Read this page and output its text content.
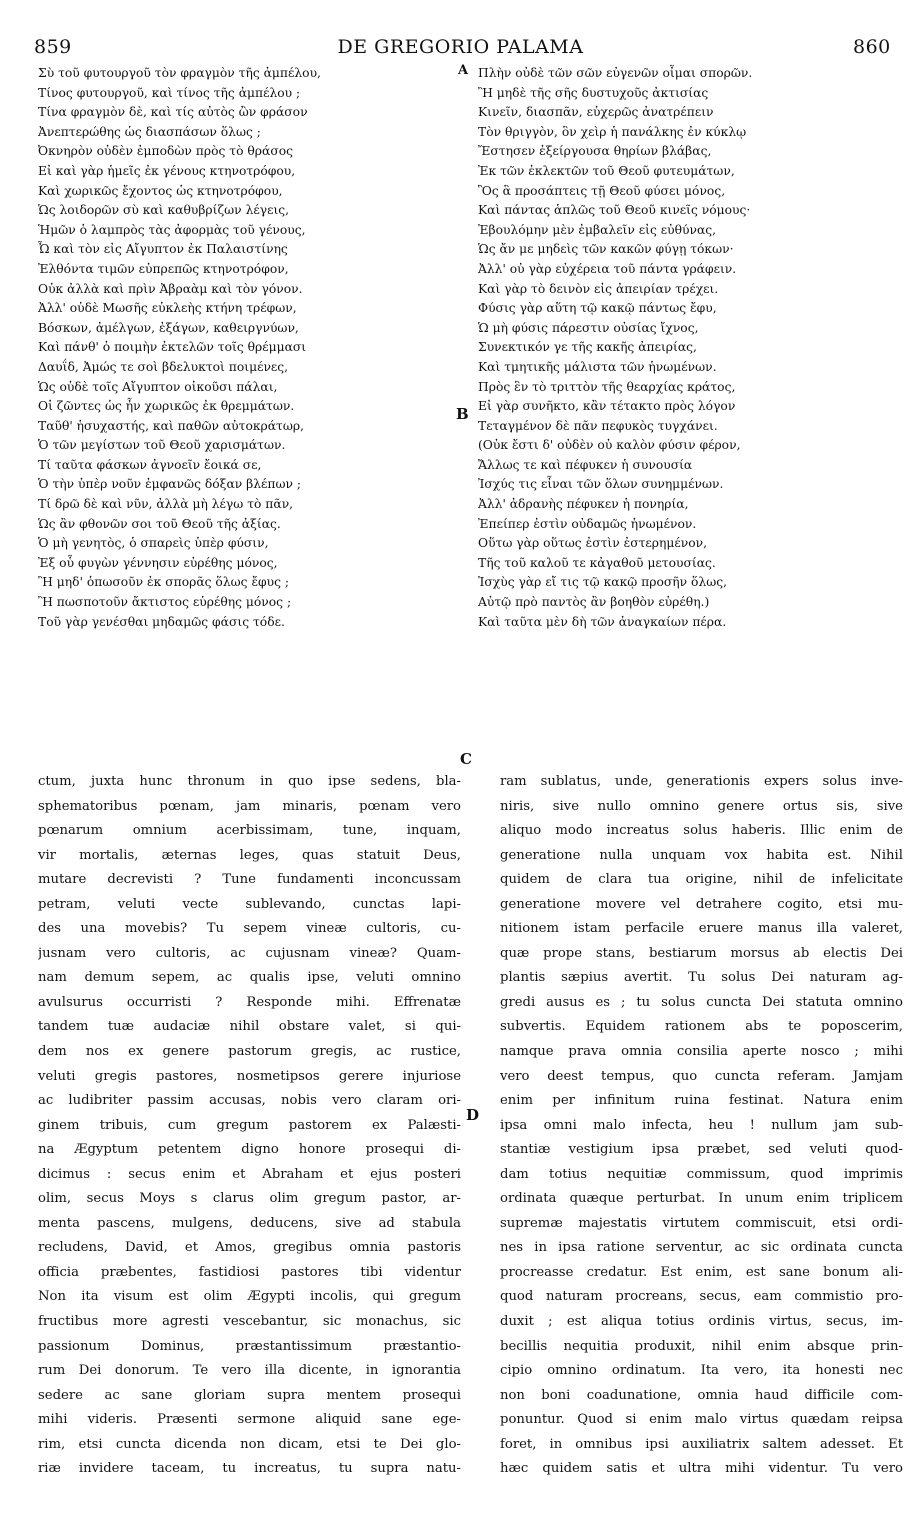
859	DE GREGORIO PALAMA	860
Σὺ τοῦ φυτουργοῦ τὸν φραγμὸν τῆς ἀμπέλου,
Τίνος φυτουργοῦ, καὶ τίνος τῆς ἀμπέλου ;
Τίνα φραγμὸν δὲ, καὶ τίς αὐτὸς ὢν φράσον
Ἀνεπτερώθης ὡς διασπάσων ὅλως ;
Ὀκνηρὸν οὐδὲν ἐμποδὼν πρὸς τὸ θράσος
Εἰ καὶ γὰρ ἡμεῖς ἐκ γένους κτηνοτρόφου,
Καὶ χωρικῶς ἔχοντος ὡς κτηνοτρόφου,
Ὡς λοιδορῶν σὺ καὶ καθυβρίζων λέγεις,
Ἡμῶν ὁ λαμπρὸς τὰς ἀφορμὰς τοῦ γένους,
Ὦ καὶ τὸν εἰς Αἴγυπτον ἐκ Παλαιστίνης
Ἐλθόντα τιμῶν εὐπρεπῶς κτηνοτρόφον,
Οὐκ ἀλλὰ καὶ πρὶν Ἀβραὰμ καὶ τὸν γόνον.
Ἀλλ' οὐδὲ Μωσῆς εὐκλεὴς κτήνη τρέφων,
Βόσκων, ἀμέλγων, ἐξάγων, καθειργνύων,
Καὶ πάνθ' ὁ ποιμὴν ἐκτελῶν τοῖς θρέμμασι
Δαυΐδ, Ἀμώς τε σοὶ βδελυκτοὶ ποιμένες,
Ὡς οὐδὲ τοῖς Αἴγυπτον οἰκοῦσι πάλαι,
Οἱ ζῶντες ὡς ἦν χωρικῶς ἐκ θρεμμάτων.
Ταῦθ' ἡσυχαστής, καὶ παθῶν αὐτοκράτωρ,
Ὁ τῶν μεγίστων τοῦ Θεοῦ χαρισμάτων.
Τί ταῦτα φάσκων ἀγνοεῖν ἔοικά σε,
Ὁ τὴν ὑπὲρ νοῦν ἐμφανῶς δόξαν βλέπων ;
Τί δρῶ δὲ καὶ νῦν, ἀλλὰ μὴ λέγω τὸ πᾶν,
Ὡς ἂν φθονῶν σοι τοῦ Θεοῦ τῆς ἀξίας.
Ὁ μὴ γενητὸς, ὁ σπαρεὶς ὑπὲρ φύσιν,
Ἐξ οὗ φυγὼν γέννησιν εὑρέθης μόνος,
Ἢ μηδ' ὁπωσοῦν ἐκ σπορᾶς ὅλως ἔφυς ;
Ἢ πωσποτοῦν ἄκτιστος εὑρέθης μόνος ;
Τοῦ γὰρ γενέσθαι μηδαμῶς φάσις τόδε.
Πλὴν οὐδὲ τῶν σῶν εὐγενῶν οἶμαι σπορῶν.
Ἢ μηδὲ τῆς σῆς δυστυχοῦς ἀκτισίας
Κινεῖν, διασπᾶν, εὐχερῶς ἀνατρέπειν
Τὸν θριγγὸν, ὃν χεὶρ ἡ πανάλκης ἐν κύκλῳ
Ἔστησεν ἐξείργουσα θηρίων βλάβας,
Ἐκ τῶν ἐκλεκτῶν τοῦ Θεοῦ φυτευμάτων,
Ὃς ἃ προσάπτεις τῇ Θεοῦ φύσει μόνος,
Καὶ πάντας ἁπλῶς τοῦ Θεοῦ κινεῖς νόμους·
Ἐβουλόμην μὲν ἐμβαλεῖν εἰς εὐθύνας,
Ὡς ἄν με μηδεὶς τῶν κακῶν φύγῃ τόκων·
Ἀλλ' οὐ γὰρ εὐχέρεια τοῦ πάντα γράφειν.
Καὶ γὰρ τὸ δεινὸν εἰς ἀπειρίαν τρέχει.
Φύσις γὰρ αὕτη τῷ κακῷ πάντως ἔφυ,
Ὡ μὴ φύσις πάρεστιν οὐσίας ἴχνος,
Συνεκτικόν γε τῆς κακῆς ἀπειρίας,
Καὶ τμητικῆς μάλιστα τῶν ἡνωμένων.
Πρὸς ἓν τὸ τριττὸν τῆς θεαρχίας κράτος,
Εἰ γὰρ συνῆκτο, κἂν τέτακτο πρὸς λόγον
Τεταγμένον δὲ πᾶν πεφυκὸς τυγχάνει.
(Οὐκ ἔστι δ' οὐδὲν οὐ καλὸν φύσιν φέρον,
Ἄλλως τε καὶ πέφυκεν ἡ συνουσία
Ἰσχύς τις εἶναι τῶν ὅλων συνημμένων.
Ἀλλ' ἀδρανὴς πέφυκεν ἡ πονηρία,
Ἐπείπερ ἐστὶν οὐδαμῶς ἡνωμένον.
Οὕτω γὰρ οὕτως ἐστὶν ἐστερημένον,
Τῆς τοῦ καλοῦ τε κἀγαθοῦ μετουσίας.
Ἰσχὺς γὰρ εἴ τις τῷ κακῷ προσῆν ὅλως,
Αὐτῷ πρὸ παντὸς ἂν βοηθὸν εὑρέθη.)
Καὶ ταῦτα μὲν δὴ τῶν ἀναγκαίων πέρα.
A
B
C
D
ctum, juxta hunc thronum in quo ipse sedens, bla-
sphematoribus pœnam, jam minaris, pœnam vero
pœnarum omnium acerbissimam, tune, inquam,
vir mortalis, æternas leges, quas statuit Deus,
mutare decrevisti ? Tune fundamenti inconcussam
petram, veluti vecte sublevando, cunctas lapi-
des una movebis? Tu sepem vineæ cultoris, cu-
jusnam vero cultoris, ac cujusnam vineæ? Quam-
nam demum sepem, ac qualis ipse, veluti omnino
avulsurus occurristi ? Responde mihi. Effrenatæ
tandem tuæ audaciæ nihil obstare valet, si qui-
dem nos ex genere pastorum gregis, ac rustice,
veluti gregis pastores, nosmetipsos gerere injuriose
ac ludibriter passim accusas, nobis vero claram ori-
ginem tribuis, cum gregum pastorem ex Palæsti-
na Ægyptum petentem digno honore prosequi di-
dicimus : secus enim et Abraham et ejus posteri
olim, secus Moys s clarus olim gregum pastor, ar-
menta pascens, mulgens, deducens, sive ad stabula
recludens, David, et Amos, gregibus omnia pastoris
officia præbentes, fastidiosi pastores tibi videntur
Non ita visum est olim Ægypti incolis, qui gregum
fructibus more agresti vescebantur, sic monachus, sic
passionum Dominus, præstantissimum præstantio-
rum Dei donorum. Te vero illa dicente, in ignorantia
sedere ac sane gloriam supra mentem prosequi
mihi videris. Præsenti sermone aliquid sane ege-
rim, etsi cuncta dicenda non dicam, etsi te Dei glo-
riæ invidere taceam, tu increatus, tu supra natu-
ram sublatus, unde, generationis expers solus inve-
niris, sive nullo omnino genere ortus sis, sive
aliquo modo increatus solus haberis. Illic enim de
generatione nulla unquam vox habita est. Nihil
quidem de clara tua origine, nihil de infelicitate
generatione movere vel detrahere cogito, etsi mu-
nitionem istam perfacile eruere manus illa valeret,
quæ prope stans, bestiarum morsus ab electis Dei
plantis sæpius avertit. Tu solus Dei naturam ag-
gredi ausus es ; tu solus cuncta Dei statuta omnino
subvertis. Equidem rationem abs te poposcerim,
namque prava omnia consilia aperte nosco ; mihi
vero deest tempus, quo cuncta referam. Jamjam
enim per infinitum ruina festinat. Natura enim
ipsa omni malo infecta, heu ! nullum jam sub-
stantiæ vestigium ipsa præbet, sed veluti quod-
dam totius nequitiæ commissum, quod imprimis
ordinata quæque perturbat. In unum enim triplicem
supremæ majestatis virtutem commiscuit, etsi ordi-
nes in ipsa ratione serventur, ac sic ordinata cuncta
procreasse credatur. Est enim, est sane bonum ali-
quod naturam procreans, secus, eam commistio pro-
duxit ; est aliqua totius ordinis virtus, secus, im-
becillis nequitia produxit, nihil enim absque prin-
cipio omnino ordinatum. Ita vero, ita honesti nec
non boni coadunatione, omnia haud difficile com-
ponuntur. Quod si enim malo virtus quædam reipsa
foret, in omnibus ipsi auxiliatrix saltem adesset. Et
hæc quidem satis et ultra mihi videntur. Tu vero
